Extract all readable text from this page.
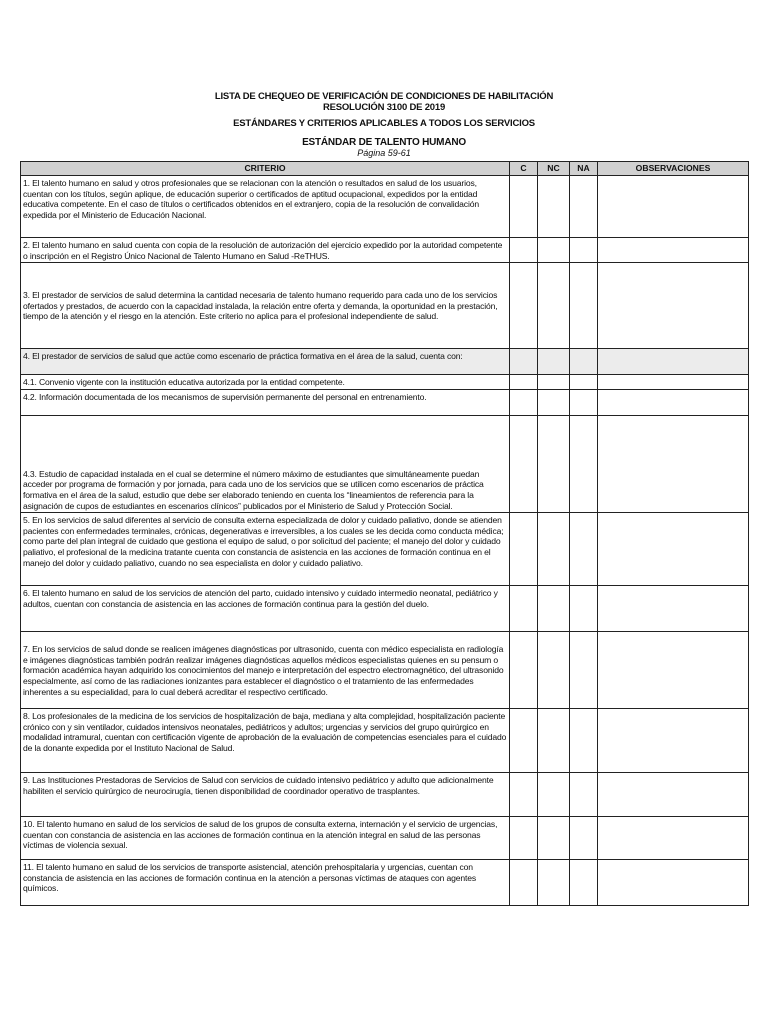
LISTA DE CHEQUEO DE VERIFICACIÓN DE CONDICIONES DE HABILITACIÓN
RESOLUCIÓN 3100 DE 2019
ESTÁNDARES Y CRITERIOS APLICABLES A TODOS LOS SERVICIOS
ESTÁNDAR DE TALENTO HUMANO
Página 59-61
CRITERIO	C	NC	NA	OBSERVACIONES
1. El talento humano en salud y otros profesionales que se relacionan con la atención o resultados en salud de los usuarios, cuentan con los títulos, según aplique, de educación superior o certificados de aptitud ocupacional, expedidos por la entidad educativa competente. En el caso de títulos o certificados obtenidos en el extranjero, copia de la resolución de convalidación expedida por el Ministerio de Educación Nacional.				
2. El talento humano en salud cuenta con copia de la resolución de autorización del ejercicio expedido por la autoridad competente o inscripción en el Registro Único Nacional de Talento Humano en Salud -ReTHUS.				
3. El prestador de servicios de salud determina la cantidad necesaria de talento humano requerido para cada uno de los servicios ofertados y prestados, de acuerdo con la capacidad instalada, la relación entre oferta y demanda, la oportunidad en la prestación, tiempo de la atención y el riesgo en la atención. Este criterio no aplica para el profesional independiente de salud.				
4. El prestador de servicios de salud que actúe como escenario de práctica formativa en el área de la salud, cuenta con:				
4.1. Convenio vigente con la institución educativa autorizada por la entidad competente.				
4.2. Información documentada de los mecanismos de supervisión permanente del personal en entrenamiento.				
4.3. Estudio de capacidad instalada en el cual se determine el número máximo de estudiantes que simultáneamente puedan acceder por programa de formación y por jornada, para cada uno de los servicios que se utilicen como escenarios de práctica formativa en el área de la salud, estudio que debe ser elaborado teniendo en cuenta los “lineamientos de referencia para la asignación de cupos de estudiantes en escenarios clínicos” publicados por el Ministerio de Salud y Protección Social.				
5. En los servicios de salud diferentes al servicio de consulta externa especializada de dolor y cuidado paliativo, donde se atienden pacientes con enfermedades terminales, crónicas, degenerativas e irreversibles, a los cuales se les decida como conducta médica; como parte del plan integral de cuidado que gestiona el equipo de salud, o por solicitud del paciente; el manejo del dolor y cuidado paliativo, el profesional de la medicina tratante cuenta con constancia de asistencia en las acciones de formación continua en el manejo del dolor y cuidado paliativo, cuando no sea especialista en dolor y cuidado paliativo.				
6. El talento humano en salud de los servicios de atención del parto, cuidado intensivo y cuidado intermedio neonatal, pediátrico y adultos, cuentan con constancia de asistencia en las acciones de formación continua para la gestión del duelo.				
7. En los servicios de salud donde se realicen imágenes diagnósticas por ultrasonido, cuenta con médico especialista en radiología e imágenes diagnósticas también podrán realizar imágenes diagnósticas aquellos médicos especialistas quienes en su pensum o formación académica hayan adquirido los conocimientos del manejo e interpretación del espectro electromagnético, del ultrasonido especialmente, así como de las radiaciones ionizantes para establecer el diagnóstico o el tratamiento de las enfermedades inherentes a su especialidad, para lo cual deberá acreditar el respectivo certificado.				
8. Los profesionales de la medicina de los servicios de hospitalización de baja, mediana y alta complejidad, hospitalización paciente crónico con y sin ventilador, cuidados intensivos neonatales, pediátricos y adultos; urgencias y servicios del grupo quirúrgico en modalidad intramural, cuentan con certificación vigente de aprobación de la evaluación de competencias esenciales para el cuidado de la donante expedida por el Instituto Nacional de Salud.				
9. Las Instituciones Prestadoras de Servicios de Salud con servicios de cuidado intensivo pediátrico y adulto que adicionalmente habiliten el servicio quirúrgico de neurocirugía, tienen disponibilidad de coordinador operativo de trasplantes.				
10. El talento humano en salud de los servicios de salud de los grupos de consulta externa, internación y el servicio de urgencias, cuentan con constancia de asistencia en las acciones de formación continua en la atención integral en salud de las personas víctimas de violencia sexual.				
11. El talento humano en salud de los servicios de transporte asistencial, atención prehospitalaria y urgencias, cuentan con constancia de asistencia en las acciones de formación continua en la atención a personas víctimas de ataques con agentes químicos.				
